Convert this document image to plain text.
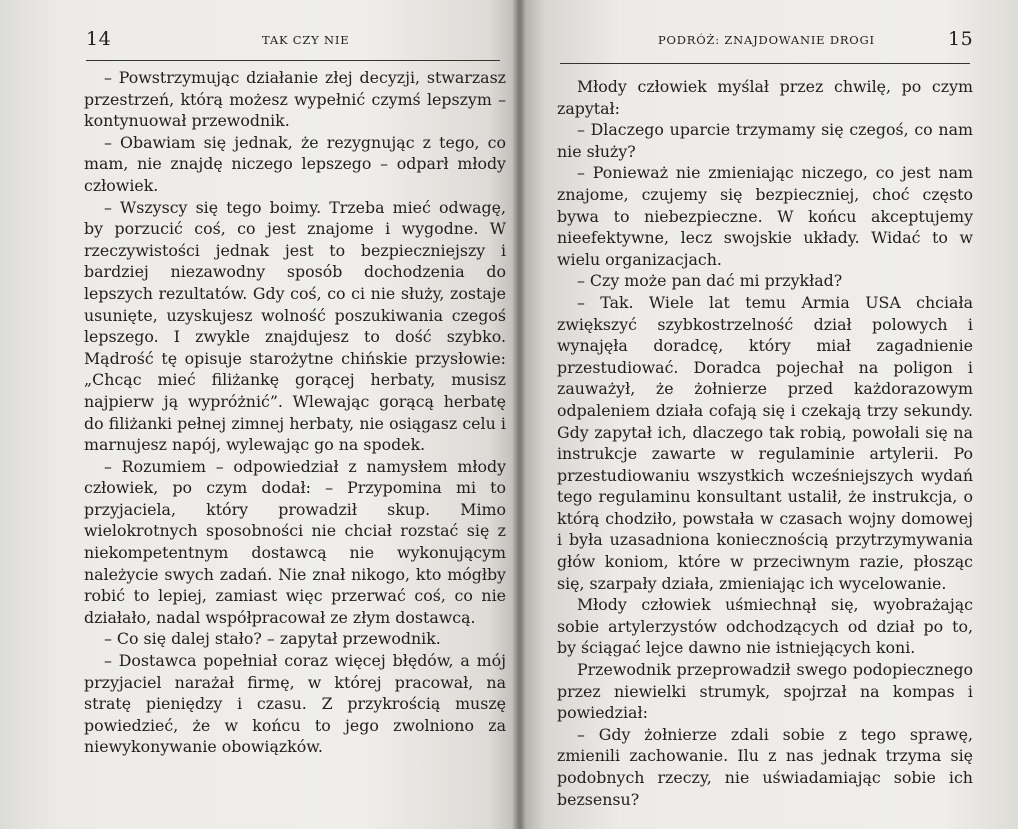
14	TAK CZY NIE

– Powstrzymując działanie złej decyzji, stwarzasz przestrzeń, którą możesz wypełnić czymś lepszym – kontynuował przewodnik.

– Obawiam się jednak, że rezygnując z tego, co mam, nie znajdę niczego lepszego – odparł młody człowiek.

– Wszyscy się tego boimy. Trzeba mieć odwagę, by porzucić coś, co jest znajome i wygodne. W rzeczywistości jednak jest to bezpieczniejszy i bardziej niezawodny sposób dochodzenia do lepszych rezultatów. Gdy coś, co ci nie służy, zostaje usunięte, uzyskujesz wolność poszukiwania czegoś lepszego. I zwykle znajdujesz to dość szybko. Mądrość tę opisuje starożytne chińskie przysłowie: „Chcąc mieć filiżankę gorącej herbaty, musisz najpierw ją wypróżnić”. Wlewając gorącą herbatę do filiżanki pełnej zimnej herbaty, nie osiągasz celu i marnujesz napój, wylewając go na spodek.

– Rozumiem – odpowiedział z namysłem młody człowiek, po czym dodał: – Przypomina mi to przyjaciela, który prowadził skup. Mimo wielokrotnych sposobności nie chciał rozstać się z niekompetentnym dostawcą nie wykonującym należycie swych zadań. Nie znał nikogo, kto mógłby robić to lepiej, zamiast więc przerwać coś, co nie działało, nadal współpracował ze złym dostawcą.

– Co się dalej stało? – zapytał przewodnik.

– Dostawca popełniał coraz więcej błędów, a mój przyjaciel narażał firmę, w której pracował, na stratę pieniędzy i czasu. Z przykrością muszę powiedzieć, że w końcu to jego zwolniono za niewykonywanie obowiązków.

PODRÓŻ: ZNAJDOWANIE DROGI	15

Młody człowiek myślał przez chwilę, po czym zapytał:

– Dlaczego uparcie trzymamy się czegoś, co nam nie służy?

– Ponieważ nie zmieniając niczego, co jest nam znajome, czujemy się bezpieczniej, choć często bywa to niebezpieczne. W końcu akceptujemy nieefektywne, lecz swojskie układy. Widać to w wielu organizacjach.

– Czy może pan dać mi przykład?

– Tak. Wiele lat temu Armia USA chciała zwiększyć szybkostrzelność dział polowych i wynajęła doradcę, który miał zagadnienie przestudiować. Doradca pojechał na poligon i zauważył, że żołnierze przed każdorazowym odpaleniem działa cofają się i czekają trzy sekundy. Gdy zapytał ich, dlaczego tak robią, powołali się na instrukcje zawarte w regulaminie artylerii. Po przestudiowaniu wszystkich wcześniejszych wydań tego regulaminu konsultant ustalił, że instrukcja, o którą chodziło, powstała w czasach wojny domowej i była uzasadniona koniecznością przytrzymywania głów koniom, które w przeciwnym razie, płosząc się, szarpały działa, zmieniając ich wycelowanie.

Młody człowiek uśmiechnął się, wyobrażając sobie artylerzystów odchodzących od dział po to, by ściągać lejce dawno nie istniejących koni.

Przewodnik przeprowadził swego podopiecznego przez niewielki strumyk, spojrzał na kompas i powiedział:

– Gdy żołnierze zdali sobie z tego sprawę, zmienili zachowanie. Ilu z nas jednak trzyma się podobnych rzeczy, nie uświadamiając sobie ich bezsensu?
